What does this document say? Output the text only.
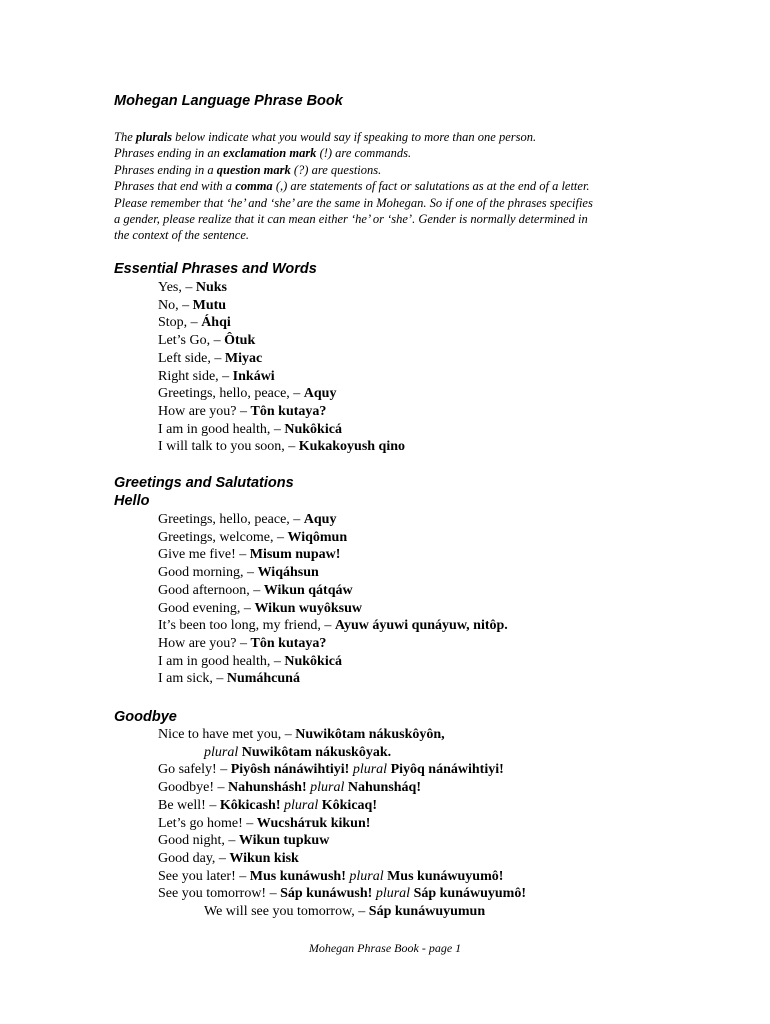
Mohegan Language Phrase Book
The plurals below indicate what you would say if speaking to more than one person.
Phrases ending in an exclamation mark (!) are commands.
Phrases ending in a question mark (?) are questions.
Phrases that end with a comma (,) are statements of fact or salutations as at the end of a letter.
Please remember that ‘he’ and ‘she’ are the same in Mohegan. So if one of the phrases specifies
a gender, please realize that it can mean either ‘he’ or ‘she’. Gender is normally determined in
the context of the sentence.
Essential Phrases and Words
Yes, – Nuks
No, – Mutu
Stop, – Áhqi
Let’s Go, – Ôtuk
Left side, – Miyac
Right side, – Inkáwi
Greetings, hello, peace, – Aquy
How are you? – Tôn kutaya?
I am in good health, – Nukôkicá
I will talk to you soon, – Kukakoyush qino
Greetings and Salutations
Hello
Greetings, hello, peace, – Aquy
Greetings, welcome, – Wiqômun
Give me five! – Misum nupaw!
Good morning, – Wiqáhsun
Good afternoon, – Wikun qátqáw
Good evening, – Wikun wuyôksuw
It’s been too long, my friend, – Ayuw áyuwi qunáyuw, nitôp.
How are you? – Tôn kutaya?
I am in good health, – Nukôkicá
I am sick, – Numáhcuná
Goodbye
Nice to have met you, – Nuwikôtam nákuskôyôn,
plural Nuwikôtam nákuskôyak.
Go safely! – Piyôsh nánáwihtiyi! plural Piyôq nánáwihtiyi!
Goodbye! – Nahunshásh! plural Nahunsháq!
Be well! – Kôkicash! plural Kôkicaq!
Let’s go home! – Wucsháтuk kikun!
Good night, – Wikun tupkuw
Good day, – Wikun kisk
See you later! – Mus kunáwush! plural Mus kunáwuyumô!
See you tomorrow! – Sáp kunáwush! plural Sáp kunáwuyumô!
We will see you tomorrow, – Sáp kunáwuyumun
Mohegan Phrase Book - page 1
